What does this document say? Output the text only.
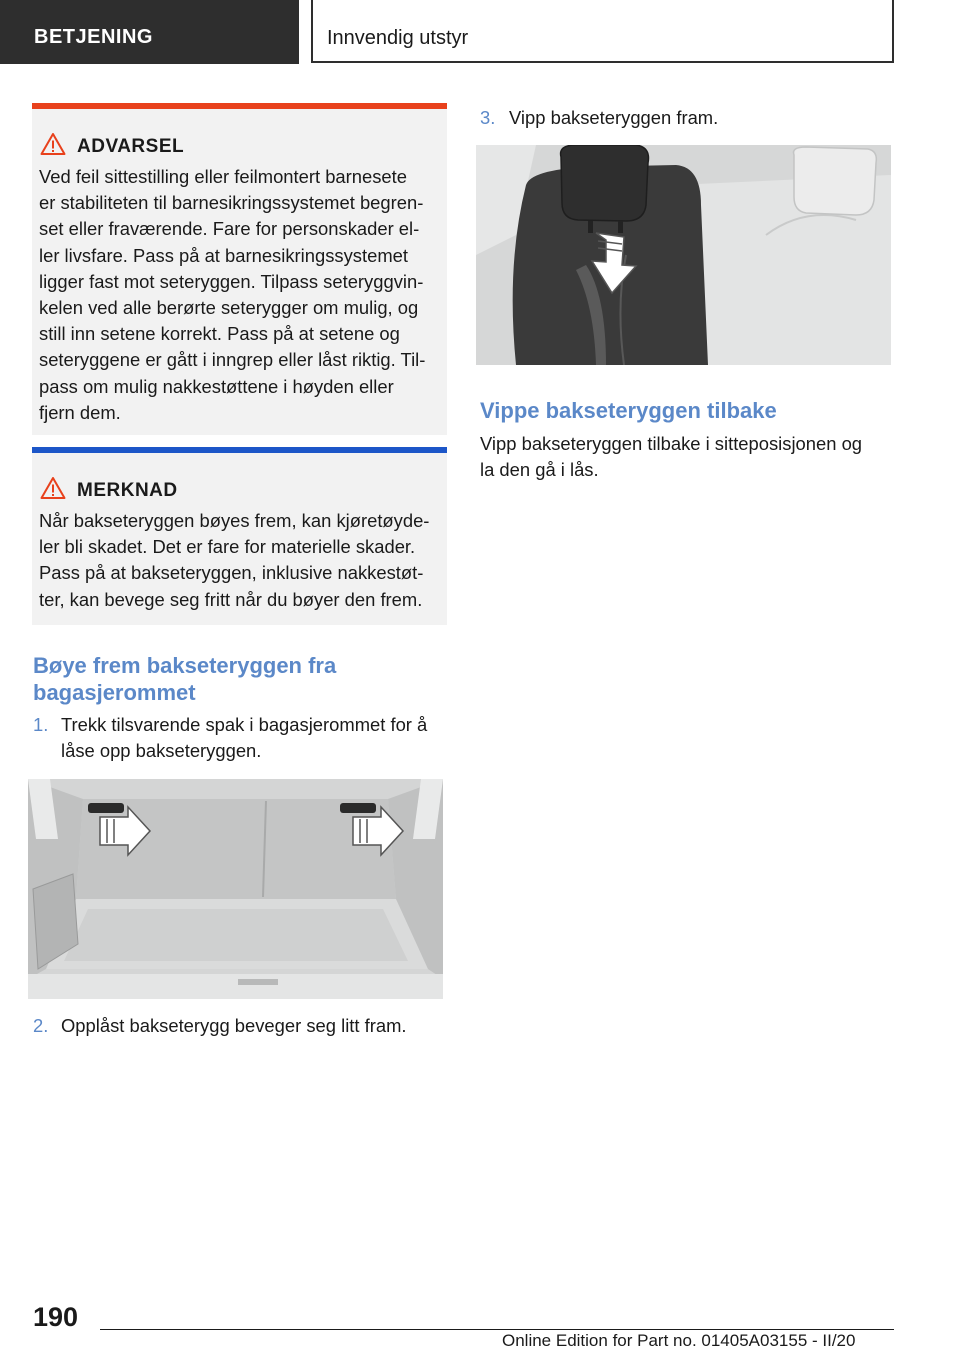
BETJENING	Innvendig utstyr
ADVARSEL
Ved feil sittestilling eller feilmontert barnesete
er stabiliteten til barnesikringssystemet begren‐
set eller fraværende. Fare for personskader el‐
ler livsfare. Pass på at barnesikringssystemet
ligger fast mot seteryggen. Tilpass seteryggvin‐
kelen ved alle berørte seterygger om mulig, og
still inn setene korrekt. Pass på at setene og
seteryggene er gått i inngrep eller låst riktig. Til‐
pass om mulig nakkestøttene i høyden eller
fjern dem.
MERKNAD
Når bakseteryggen bøyes frem, kan kjøretøyde‐
ler bli skadet. Det er fare for materielle skader.
Pass på at bakseteryggen, inklusive nakkestøt‐
ter, kan bevege seg fritt når du bøyer den frem.
Bøye frem bakseteryggen fra
bagasjerommet
1. Trekk tilsvarende spak i bagasjerommet for å
låse opp bakseteryggen.
2. Opplåst bakseterygg beveger seg litt fram.
3. Vipp bakseteryggen fram.
Vippe bakseteryggen tilbake
Vipp bakseteryggen tilbake i sitteposisjonen og
la den gå i lås.
190
Online Edition for Part no. 01405A03155 - II/20
